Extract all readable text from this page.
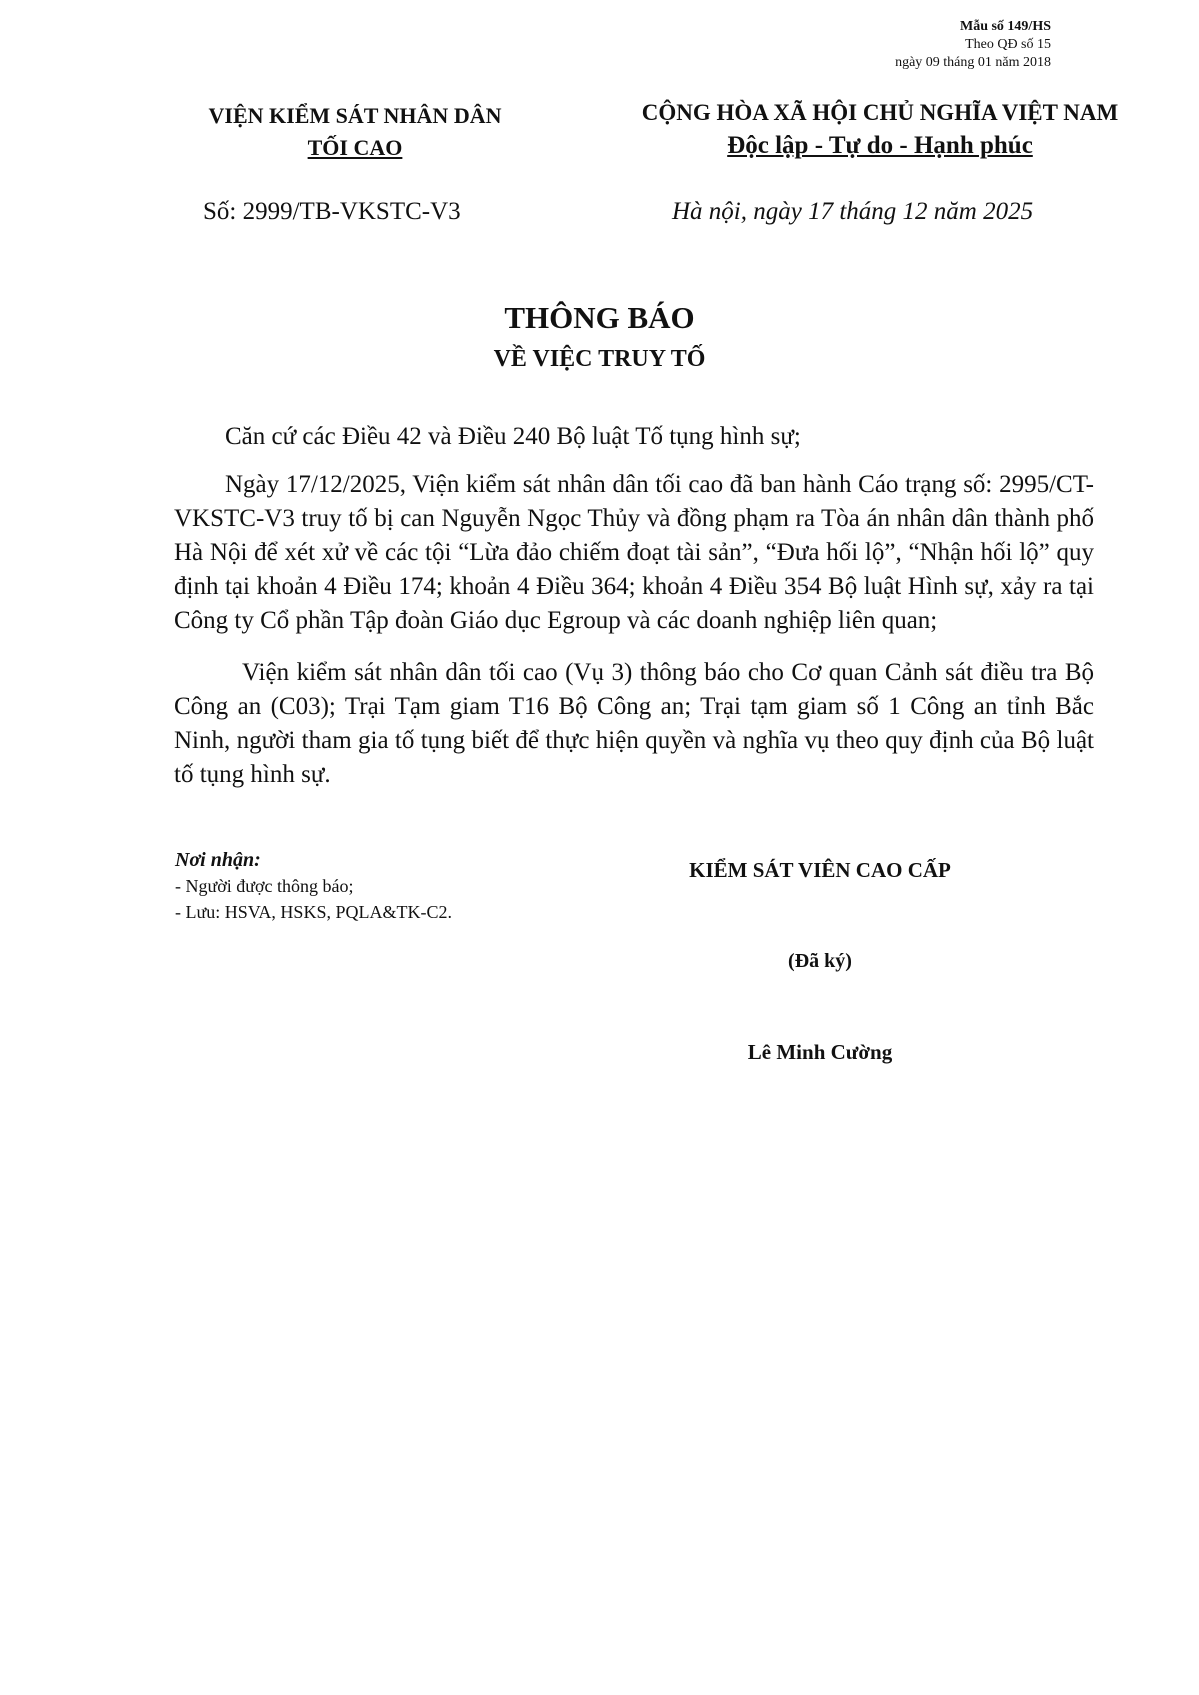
Mẫu số 149/HS
Theo QĐ số 15
ngày 09 tháng 01 năm 2018
VIỆN KIỂM SÁT NHÂN DÂN
TỐI CAO
CỘNG HÒA XÃ HỘI CHỦ NGHĨA VIỆT NAM
Độc lập - Tự do - Hạnh phúc
Số: 2999/TB-VKSTC-V3	Hà nội, ngày 17 tháng 12 năm 2025
THÔNG BÁO
VỀ VIỆC TRUY TỐ

Căn cứ các Điều 42 và Điều 240 Bộ luật Tố tụng hình sự;

Ngày 17/12/2025, Viện kiểm sát nhân dân tối cao đã ban hành Cáo trạng số: 2995/CT-VKSTC-V3 truy tố bị can Nguyễn Ngọc Thủy và đồng phạm ra Tòa án nhân dân thành phố Hà Nội để xét xử về các tội “Lừa đảo chiếm đoạt tài sản”, “Đưa hối lộ”, “Nhận hối lộ” quy định tại khoản 4 Điều 174; khoản 4 Điều 364; khoản 4 Điều 354 Bộ luật Hình sự, xảy ra tại Công ty Cổ phần Tập đoàn Giáo dục Egroup và các doanh nghiệp liên quan;

Viện kiểm sát nhân dân tối cao (Vụ 3) thông báo cho Cơ quan Cảnh sát điều tra Bộ Công an (C03); Trại Tạm giam T16 Bộ Công an; Trại tạm giam số 1 Công an tỉnh Bắc Ninh, người tham gia tố tụng biết để thực hiện quyền và nghĩa vụ theo quy định của Bộ luật tố tụng hình sự.

Nơi nhận:
- Người được thông báo;
- Lưu: HSVA, HSKS, PQLA&TK-C2.
KIỂM SÁT VIÊN CAO CẤP
(Đã ký)
Lê Minh Cường
